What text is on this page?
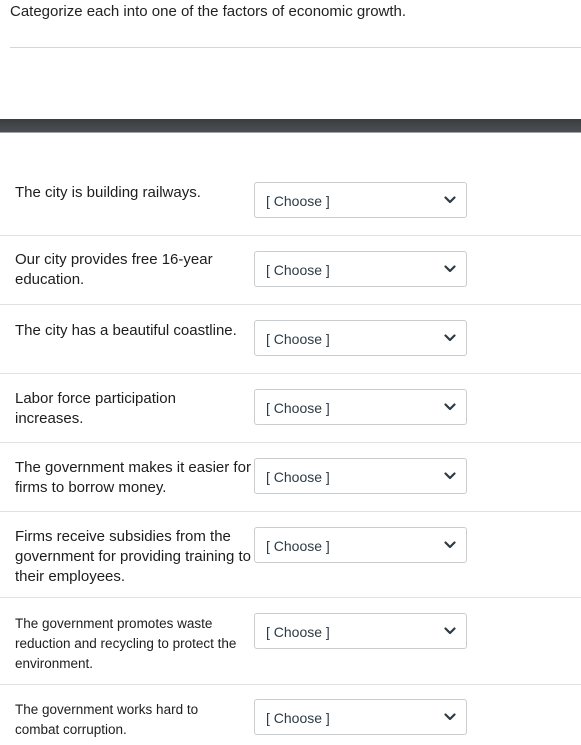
Categorize each into one of the factors of economic growth.
The city is building railways.	[ Choose ]
Our city provides free 16-year education.
[ Choose ]
The city has a beautiful coastline.	[ Choose ]
Labor force participation increases.
[ Choose ]
The government makes it easier for firms to borrow money.
[ Choose ]
Firms receive subsidies from the government for providing training to their employees.
[ Choose ]
The government promotes waste reduction and recycling to protect the environment.
[ Choose ]
The government works hard to combat corruption.
[ Choose ]
